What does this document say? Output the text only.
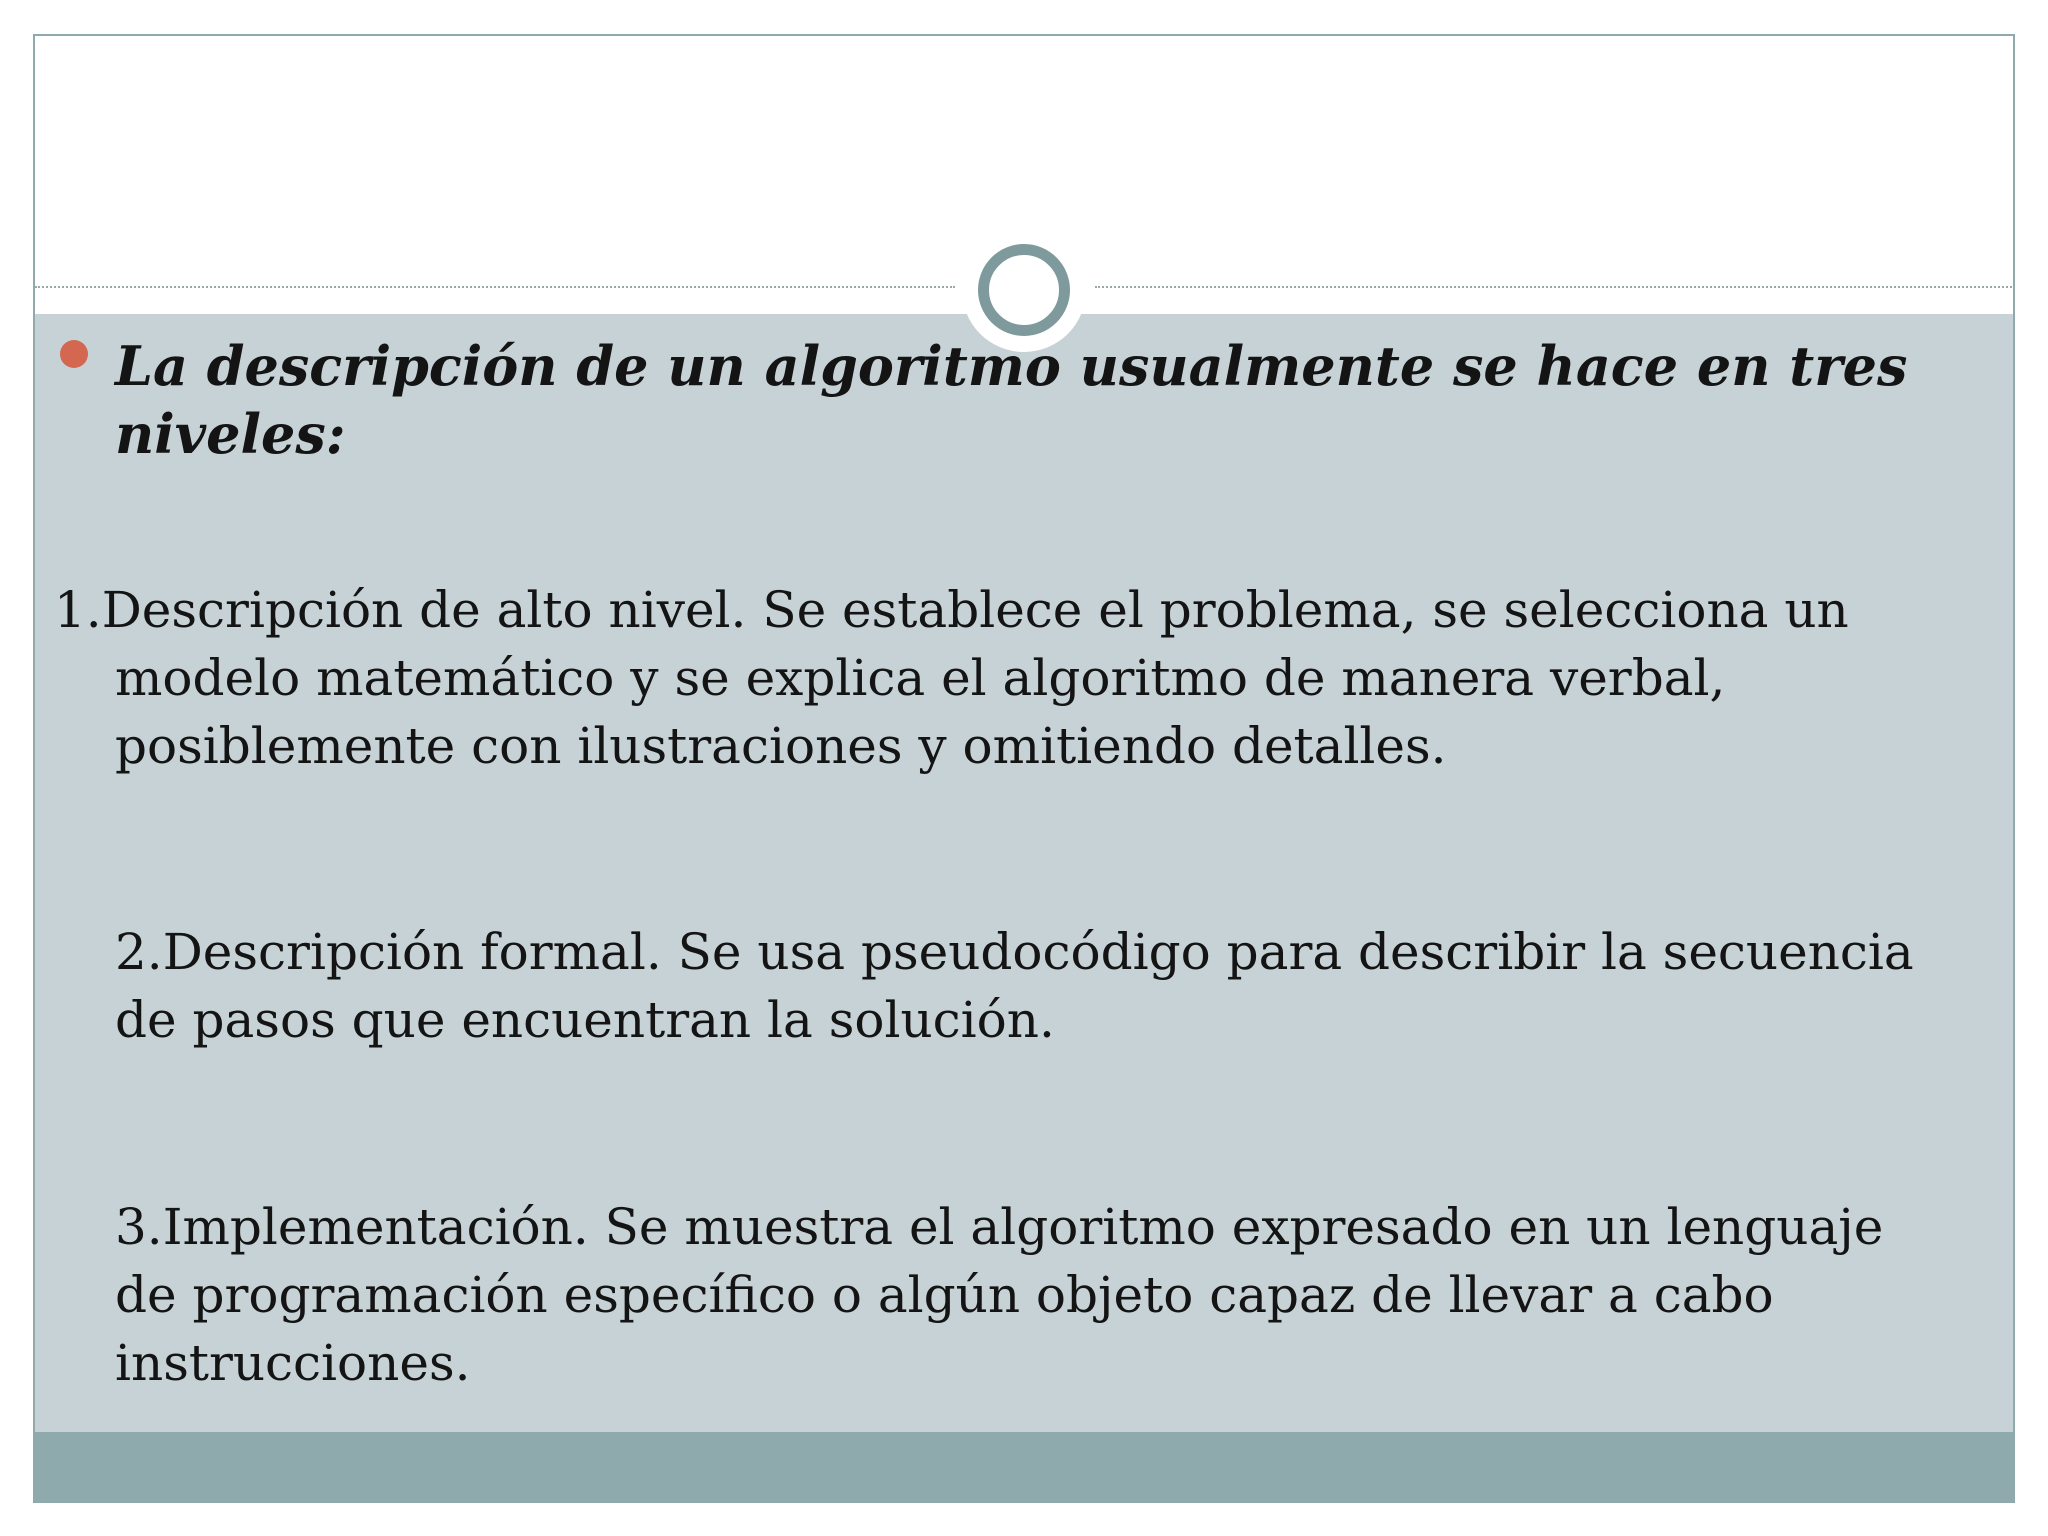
La descripción de un algoritmo usualmente se hace en tres niveles:
1.Descripción de alto nivel. Se establece el problema, se selecciona un modelo matemático y se explica el algoritmo de manera verbal, posiblemente con ilustraciones y omitiendo detalles.
2.Descripción formal. Se usa pseudocódigo para describir la secuencia de pasos que encuentran la solución.
3.Implementación. Se muestra el algoritmo expresado en un lenguaje de programación específico o algún objeto capaz de llevar a cabo instrucciones.
